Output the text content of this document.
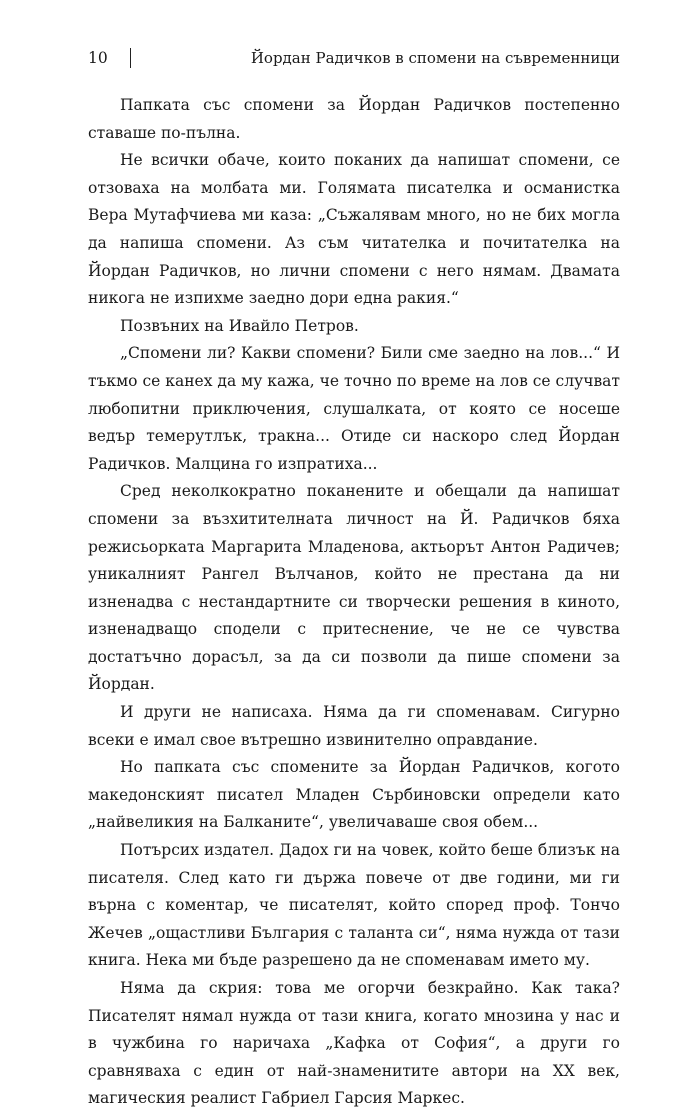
10	Йордан Радичков в спомени на съвременници

Папката със спомени за Йордан Радичков постепенно ставаше по-пълна.

Не всички обаче, които поканих да напишат спомени, се отзоваха на молбата ми. Голямата писателка и османистка Вера Мутафчиева ми каза: „Съжалявам много, но не бих могла да напиша спомени. Аз съм читателка и почитателка на Йордан Радичков, но лични спомени с него нямам. Двамата никога не изпихме заедно дори една ракия.“

Позвъних на Ивайло Петров.

„Спомени ли? Какви спомени? Били сме заедно на лов...“ И тъкмо се канех да му кажа, че точно по време на лов се случват любопитни приключения, слушалката, от която се носеше ведър темерутлък, тракна... Отиде си наскоро след Йордан Радичков. Малцина го изпратиха...

Сред неколкократно поканените и обещали да напишат спомени за възхитителната личност на Й. Радичков бяха режисьорката Маргарита Младенова, актьорът Антон Радичев; уникалният Рангел Вълчанов, който не престана да ни изненадва с нестандартните си творчески решения в киното, изненадващо сподели с притеснение, че не се чувства достатъчно дорасъл, за да си позволи да пише спомени за Йордан.

И други не написаха. Няма да ги споменавам. Сигурно всеки е имал свое вътрешно извинително оправдание.

Но папката със спомените за Йордан Радичков, когото македонският писател Младен Сърбиновски определи като „найвеликия на Балканите“, увеличаваше своя обем...

Потърсих издател. Дадох ги на човек, който беше близък на писателя. След като ги държа повече от две години, ми ги върна с коментар, че писателят, който според проф. Тончо Жечев „ощастливи България с таланта си“, няма нужда от тази книга. Нека ми бъде разрешено да не споменавам името му.

Няма да скрия: това ме огорчи безкрайно. Как така? Писателят нямал нужда от тази книга, когато мнозина у нас и в чужбина го наричаха „Кафка от София“, а други го сравняваха с един от най-знаменитите автори на XX век, магическия реалист Габриел Гарсия Маркес.
